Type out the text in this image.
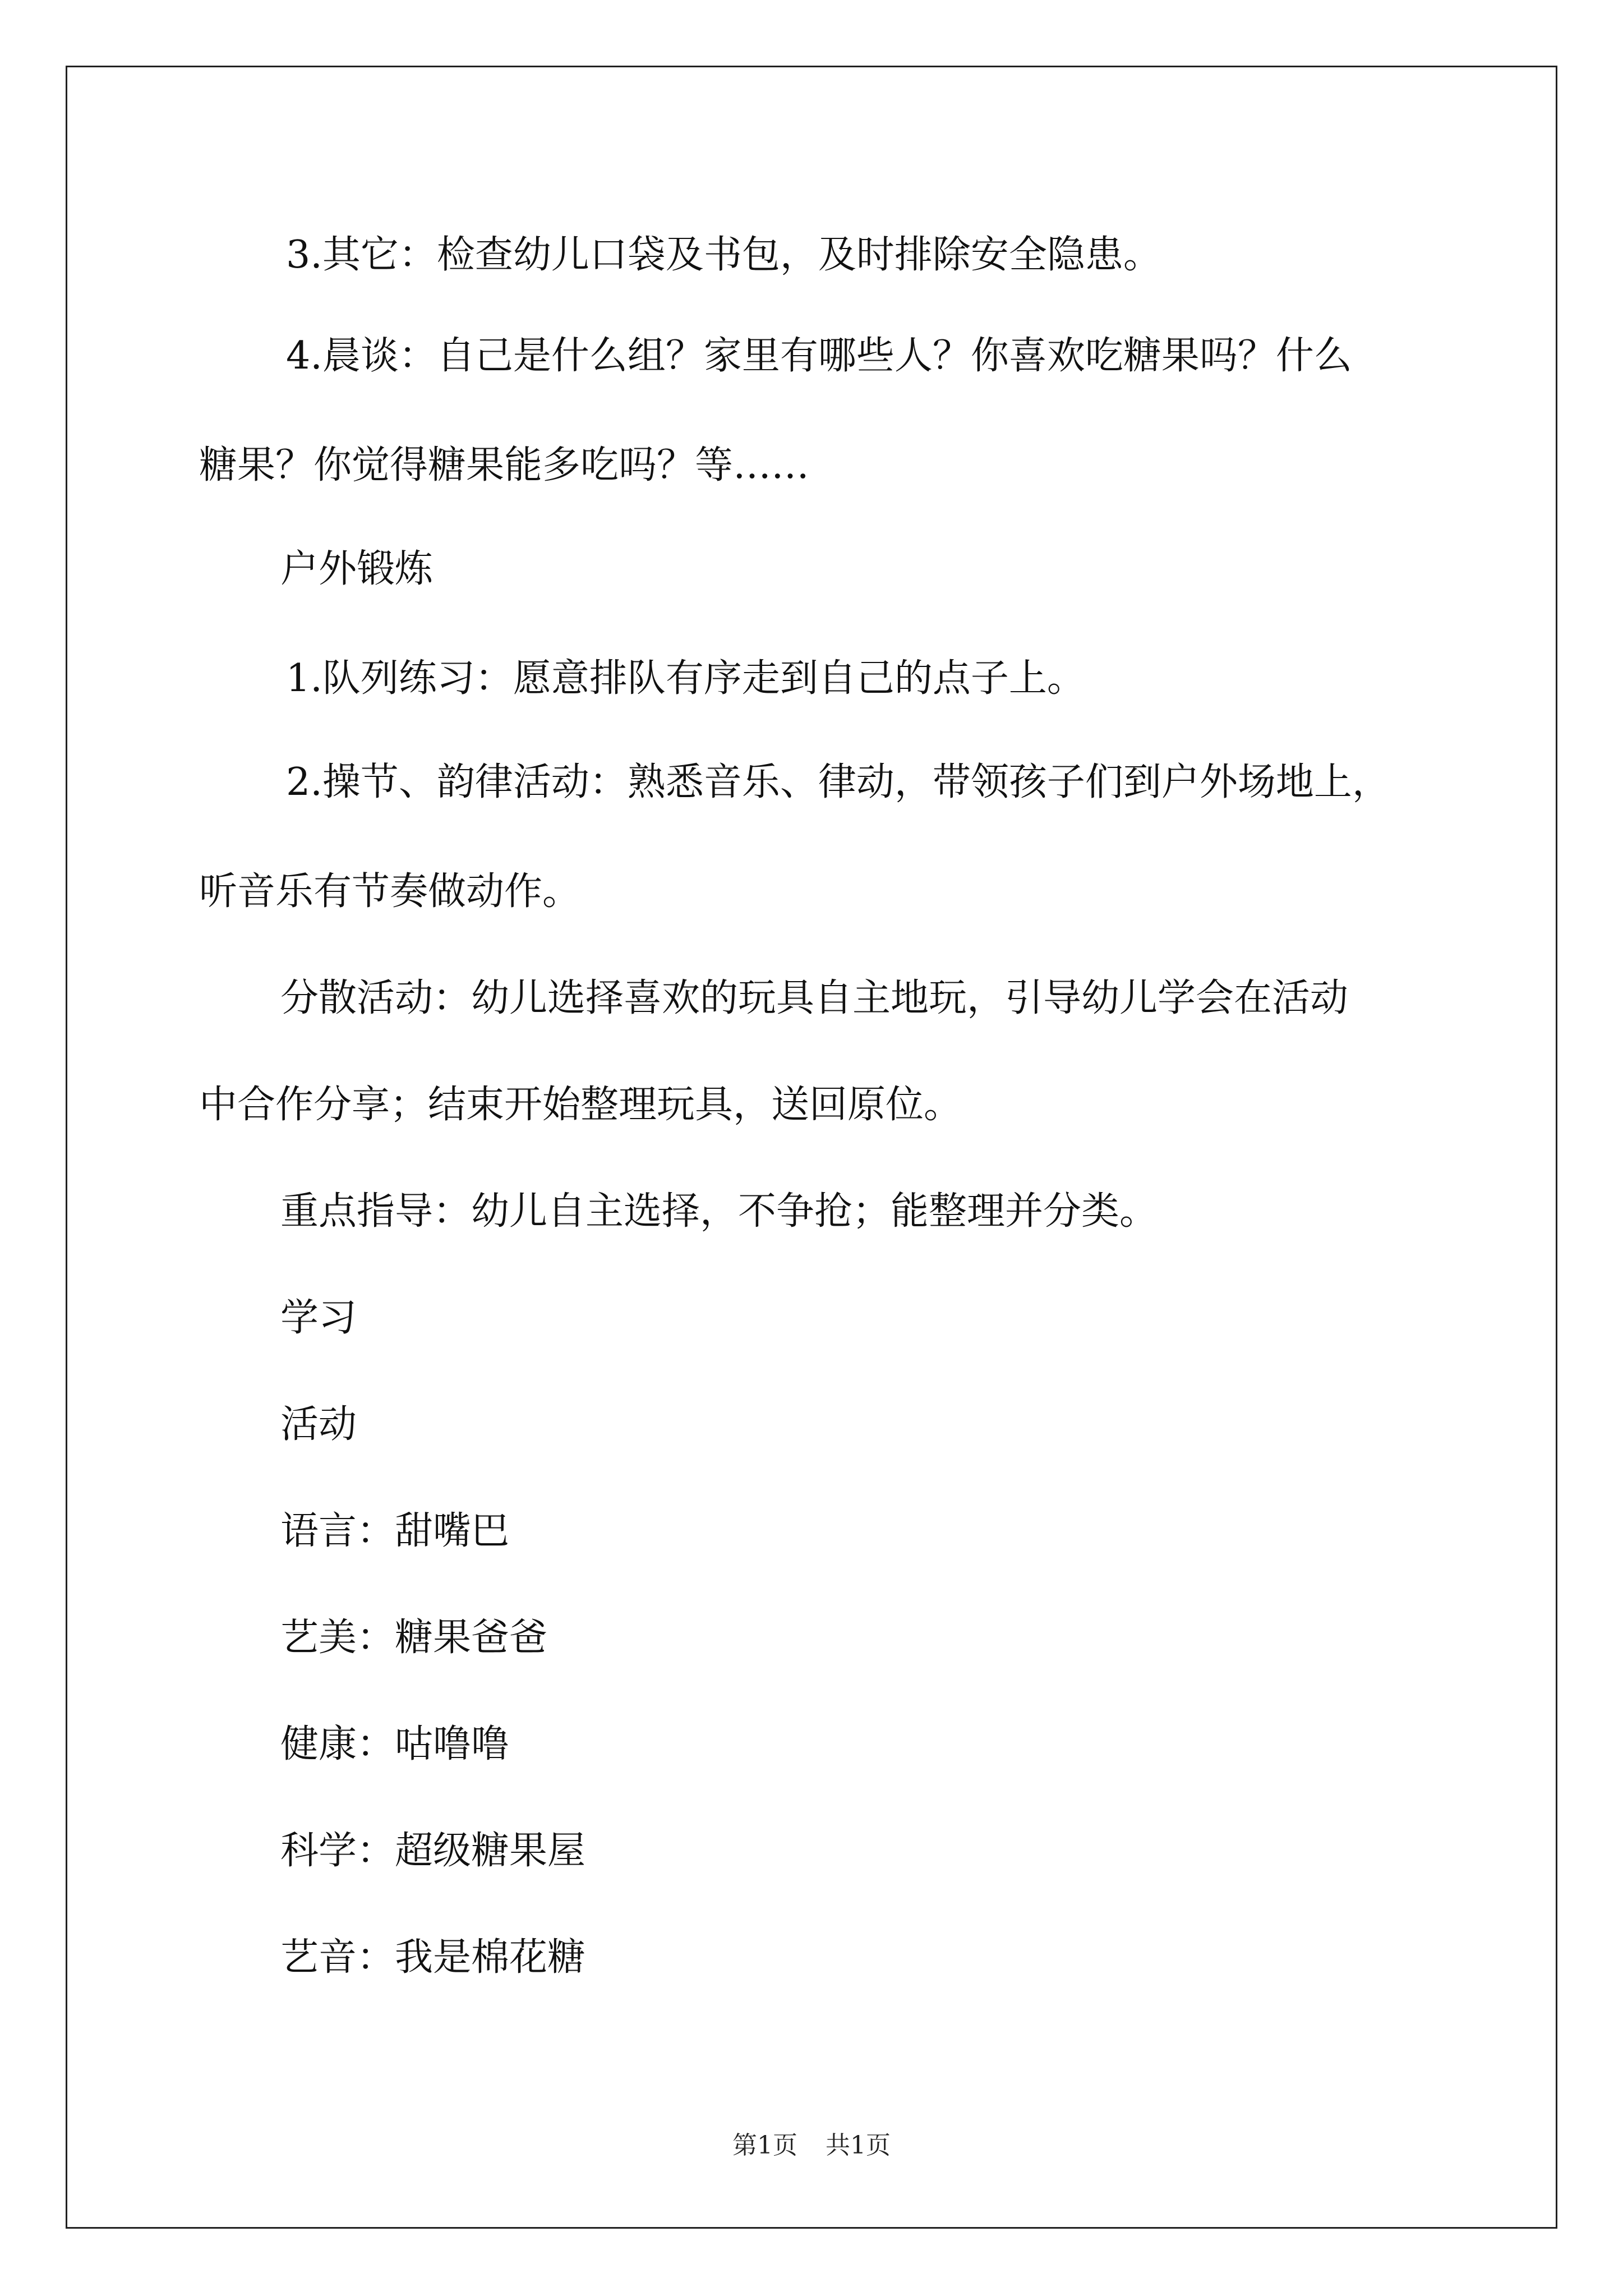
3.其它：检查幼儿口袋及书包，及时排除安全隐患。
4.晨谈：自己是什么组？家里有哪些人？你喜欢吃糖果吗？什么
糖果？你觉得糖果能多吃吗？等……
户外锻炼
1.队列练习：愿意排队有序走到自己的点子上。
2.操节、韵律活动：熟悉音乐、律动，带领孩子们到户外场地上，
听音乐有节奏做动作。
分散活动：幼儿选择喜欢的玩具自主地玩，引导幼儿学会在活动
中合作分享；结束开始整理玩具，送回原位。
重点指导：幼儿自主选择，不争抢；能整理并分类。
学习
活动
语言：甜嘴巴
艺美：糖果爸爸
健康：咕噜噜
科学：超级糖果屋
艺音：我是棉花糖
第1页 共1页
